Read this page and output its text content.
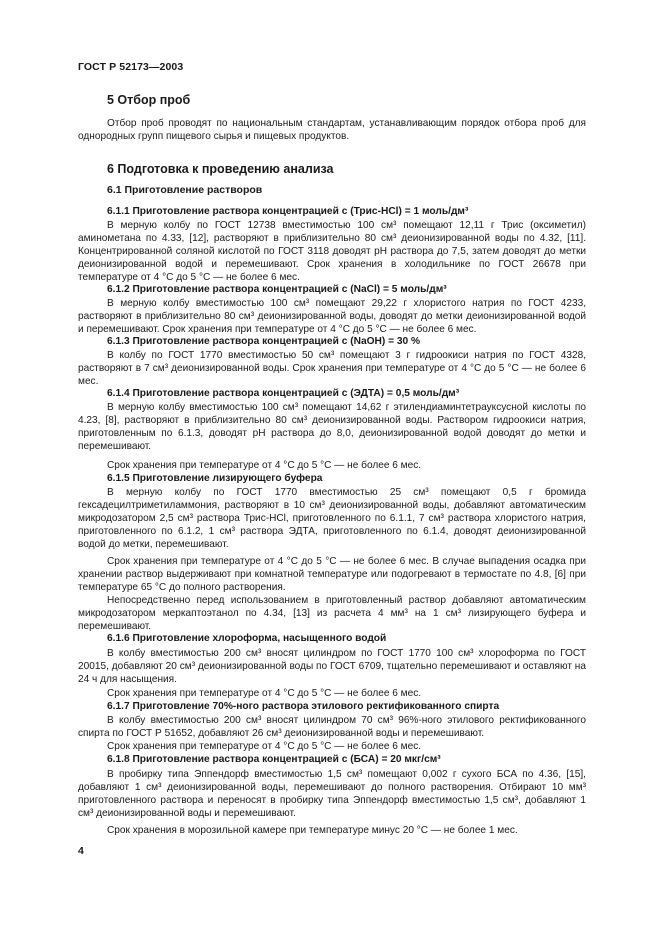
ГОСТ Р 52173—2003
5 Отбор проб
Отбор проб проводят по национальным стандартам, устанавливающим порядок отбора проб для однородных групп пищевого сырья и пищевых продуктов.
6 Подготовка к проведению анализа
6.1 Приготовление растворов
6.1.1 Приготовление раствора концентрацией c (Трис-HCl) = 1 моль/дм³
В мерную колбу по ГОСТ 12738 вместимостью 100 см³ помещают 12,11 г Трис (оксиметил) аминометана по 4.33, [12], растворяют в приблизительно 80 см³ деионизированной воды по 4.32, [11]. Концентрированной соляной кислотой по ГОСТ 3118 доводят pH раствора до 7,5, затем доводят до метки деионизированной водой и перемешивают. Срок хранения в холодильнике по ГОСТ 26678 при температуре от 4 °С до 5 °С — не более 6 мес.
6.1.2 Приготовление раствора концентрацией c (NaCl) = 5 моль/дм³
В мерную колбу вместимостью 100 см³ помещают 29,22 г хлористого натрия по ГОСТ 4233, растворяют в приблизительно 80 см³ деионизированной воды, доводят до метки деионизированной водой и перемешивают. Срок хранения при температуре от 4 °С до 5 °С — не более 6 мес.
6.1.3 Приготовление раствора концентрацией c (NaOH) = 30 %
В колбу по ГОСТ 1770 вместимостью 50 см³ помещают 3 г гидроокиси натрия по ГОСТ 4328, растворяют в 7 см³ деионизированной воды. Срок хранения при температуре от 4 °С до 5 °С — не более 6 мес.
6.1.4 Приготовление раствора концентрацией c (ЭДТА) = 0,5 моль/дм³
В мерную колбу вместимостью 100 см³ помещают 14,62 г этилендиаминтетрауксусной кислоты по 4.23, [8], растворяют в приблизительно 80 см³ деионизированной воды. Раствором гидроокиси натрия, приготовленным по 6.1.3, доводят pH раствора до 8,0, деионизированной водой доводят до метки и перемешивают.
Срок хранения при температуре от 4 °С до 5 °С — не более 6 мес.
6.1.5 Приготовление лизирующего буфера
В мерную колбу по ГОСТ 1770 вместимостью 25 см³ помещают 0,5 г бромида гексадецилтриметиламмония, растворяют в 10 см³ деионизированной воды, добавляют автоматическим микродозатором 2,5 см³ раствора Трис-HCl, приготовленного по 6.1.1, 7 см³ раствора хлористого натрия, приготовленного по 6.1.2, 1 см³ раствора ЭДТА, приготовленного по 6.1.4, доводят деионизированной водой до метки, перемешивают.
Срок хранения при температуре от 4 °С до 5 °С — не более 6 мес. В случае выпадения осадка при хранении раствор выдерживают при комнатной температуре или подогревают в термостате по 4.8, [6] при температуре 65 °С до полного растворения.
Непосредственно перед использованием в приготовленный раствор добавляют автоматическим микродозатором меркаптоэтанол по 4.34, [13] из расчета 4 мм³ на 1 см³ лизирующего буфера и перемешивают.
6.1.6 Приготовление хлороформа, насыщенного водой
В колбу вместимостью 200 см³ вносят цилиндром по ГОСТ 1770 100 см³ хлороформа по ГОСТ 20015, добавляют 20 см³ деионизированной воды по ГОСТ 6709, тщательно перемешивают и оставляют на 24 ч для насыщения.
Срок хранения при температуре от 4 °С до 5 °С — не более 6 мес.
6.1.7 Приготовление 70%-ного раствора этилового ректификованного спирта
В колбу вместимостью 200 см³ вносят цилиндром 70 см³ 96%-ного этилового ректификованного спирта по ГОСТ Р 51652, добавляют 26 см³ деионизированной воды и перемешивают.
Срок хранения при температуре от 4 °С до 5 °С — не более 6 мес.
6.1.8 Приготовление раствора концентрацией c (БСА) = 20 мкг/см³
В пробирку типа Эппендорф вместимостью 1,5 см³ помещают 0,002 г сухого БСА по 4.36, [15], добавляют 1 см³ деионизированной воды, перемешивают до полного растворения. Отбирают 10 мм³ приготовленного раствора и переносят в пробирку типа Эппендорф вместимостью 1,5 см³, добавляют 1 см³ деионизированной воды и перемешивают.
Срок хранения в морозильной камере при температуре минус 20 °С — не более 1 мес.
4
